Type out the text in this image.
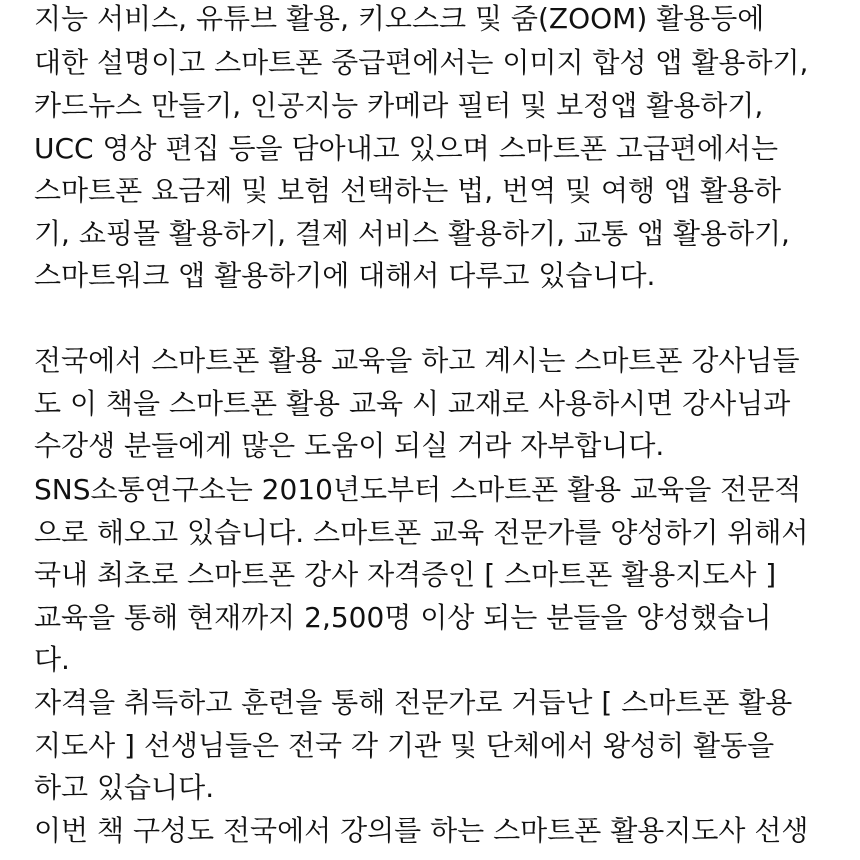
지능 서비스, 유튜브 활용, 키오스크 및 줌(ZOOM) 활용등에
대한 설명이고 스마트폰 중급편에서는 이미지 합성 앱 활용하기,
카드뉴스 만들기, 인공지능 카메라 필터 및 보정앱 활용하기,
UCC 영상 편집 등을 담아내고 있으며 스마트폰 고급편에서는
스마트폰 요금제 및 보험 선택하는 법, 번역 및 여행 앱 활용하
기, 쇼핑몰 활용하기, 결제 서비스 활용하기, 교통 앱 활용하기,
스마트워크 앱 활용하기에 대해서 다루고 있습니다.
전국에서 스마트폰 활용 교육을 하고 계시는 스마트폰 강사님들
도 이 책을 스마트폰 활용 교육 시 교재로 사용하시면 강사님과
수강생 분들에게 많은 도움이 되실 거라 자부합니다.
SNS소통연구소는 2010년도부터 스마트폰 활용 교육을 전문적
으로 해오고 있습니다. 스마트폰 교육 전문가를 양성하기 위해서
국내 최초로 스마트폰 강사 자격증인 [ 스마트폰 활용지도사 ]
교육을 통해 현재까지 2,500명 이상 되는 분들을 양성했습니
다.
자격을 취득하고 훈련을 통해 전문가로 거듭난 [ 스마트폰 활용
지도사 ] 선생님들은 전국 각 기관 및 단체에서 왕성히 활동을
하고 있습니다.
이번 책 구성도 전국에서 강의를 하는 스마트폰 활용지도사 선생
